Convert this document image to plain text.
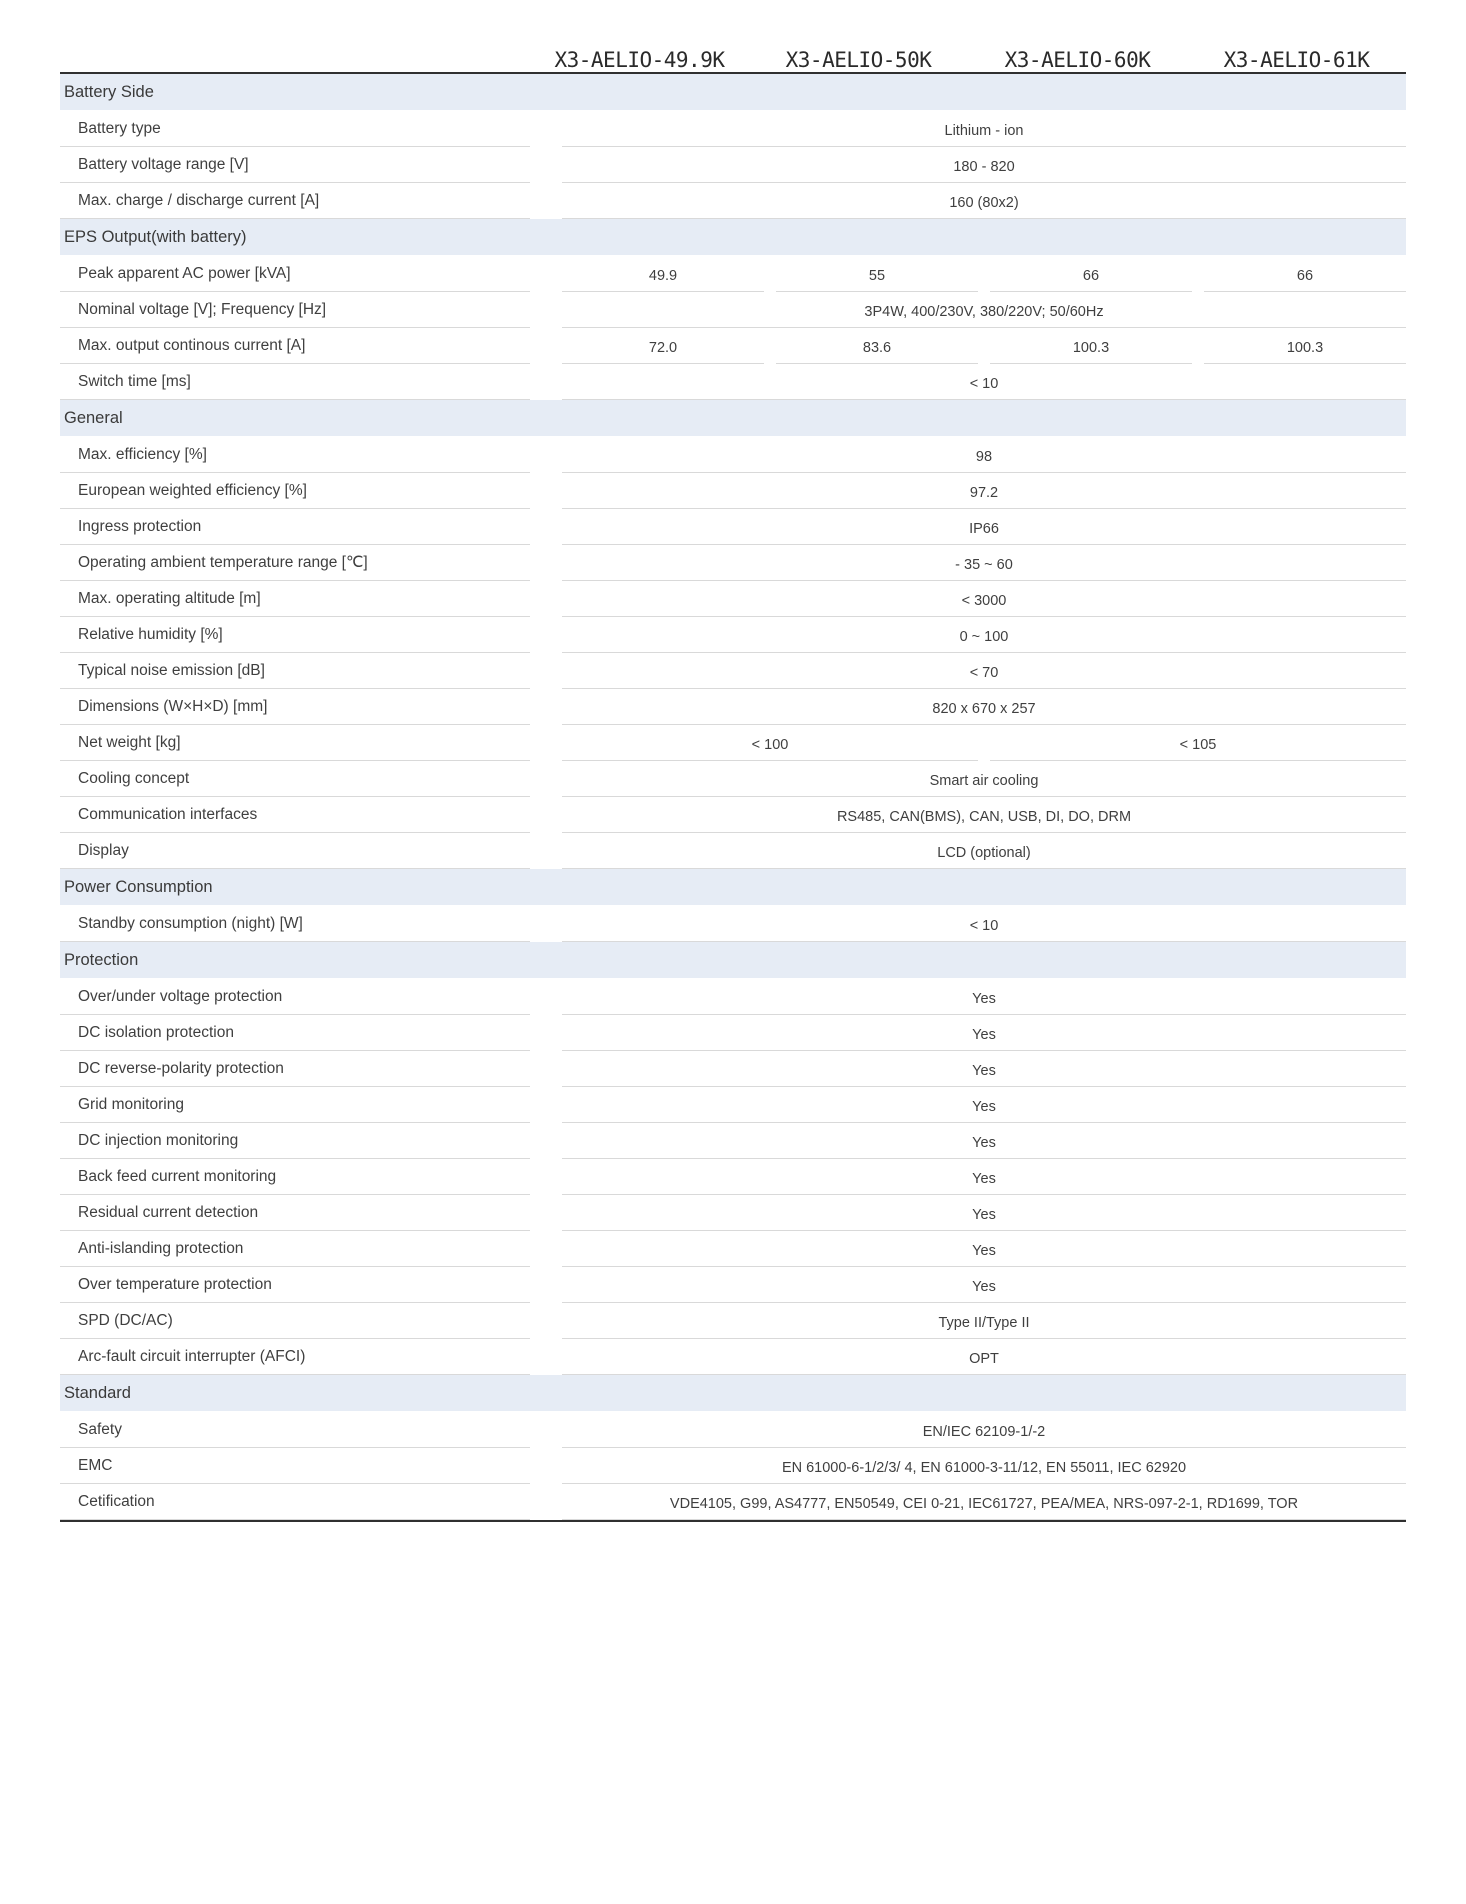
X3-AELIO-49.9K	X3-AELIO-50K	X3-AELIO-60K	X3-AELIO-61K
Battery Side
Battery type	Lithium - ion
Battery voltage range [V]	180 - 820
Max. charge / discharge current [A]	160 (80x2)
EPS Output(with battery)
Peak apparent AC power [kVA]	49.9	55	66	66
Nominal voltage [V]; Frequency [Hz]	3P4W, 400/230V, 380/220V; 50/60Hz
Max. output continous current [A]	72.0	83.6	100.3	100.3
Switch time [ms]	< 10
General
Max. efficiency [%]	98
European weighted efficiency [%]	97.2
Ingress protection	IP66
Operating ambient temperature range [℃]	- 35 ~ 60
Max. operating altitude [m]	< 3000
Relative humidity [%]	0 ~ 100
Typical noise emission [dB]	< 70
Dimensions (W×H×D) [mm]	820 x 670 x 257
Net weight [kg]	< 100	< 105
Cooling concept	Smart air cooling
Communication interfaces	RS485, CAN(BMS), CAN, USB, DI, DO, DRM
Display	LCD (optional)
Power Consumption
Standby consumption (night) [W]	< 10
Protection
Over/under voltage protection	Yes
DC isolation protection	Yes
DC reverse-polarity protection	Yes
Grid monitoring	Yes
DC injection monitoring	Yes
Back feed current monitoring	Yes
Residual current detection	Yes
Anti-islanding protection	Yes
Over temperature protection	Yes
SPD (DC/AC)	Type II/Type II
Arc-fault circuit interrupter (AFCI)	OPT
Standard
Safety	EN/IEC 62109-1/-2
EMC	EN 61000-6-1/2/3/ 4, EN 61000-3-11/12, EN 55011, IEC 62920
Cetification	VDE4105, G99, AS4777, EN50549, CEI 0-21, IEC61727, PEA/MEA, NRS-097-2-1, RD1699, TOR
